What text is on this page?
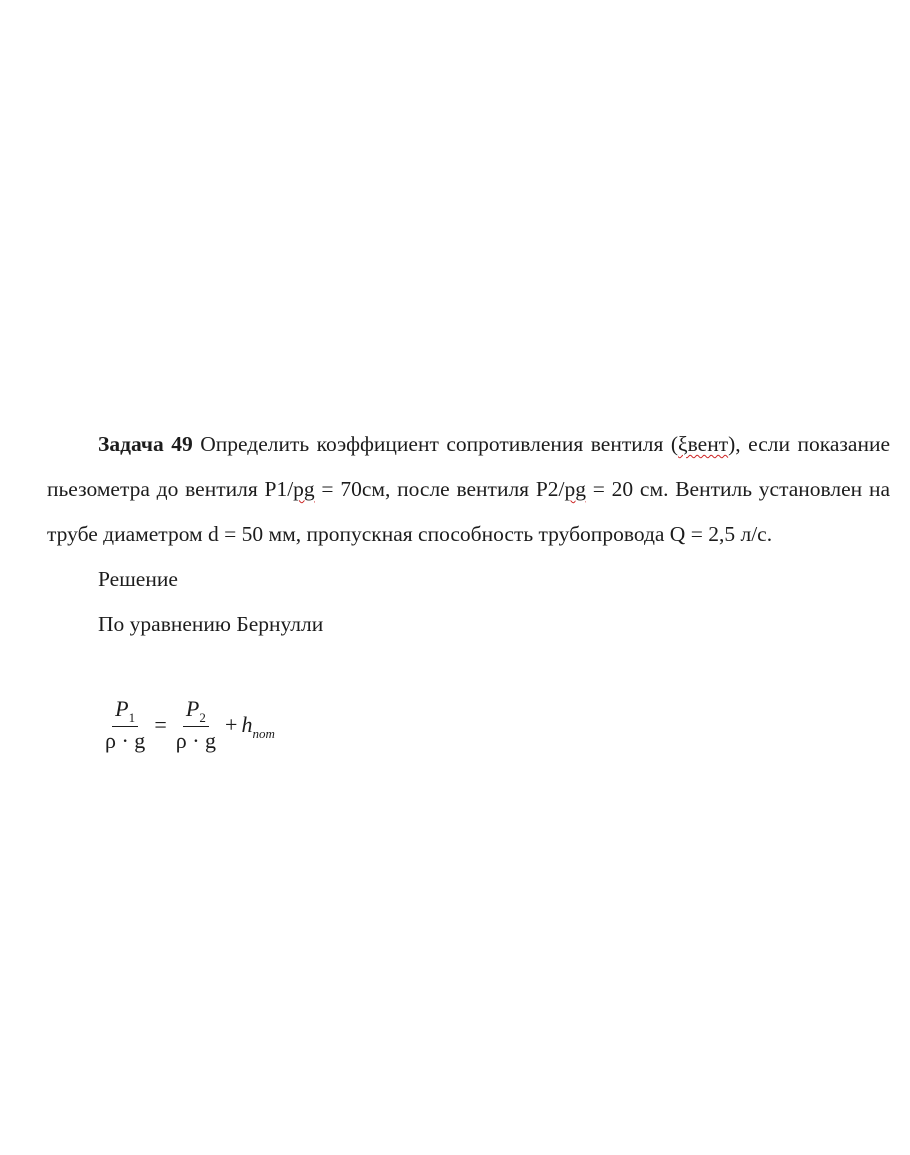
Задача 49 Определить коэффициент сопротивления вентиля (ξвент), если показание пьезометра до вентиля P1/pg = 70см, после вентиля P2/pg = 20 см. Вентиль установлен на трубе диаметром d = 50 мм, пропускная способность трубопровода Q = 2,5 л/с.

Решение

По уравнению Бернулли

$\frac{P_1}{\rho \cdot g} = \frac{P_2}{\rho \cdot g} + h_{пот}$
